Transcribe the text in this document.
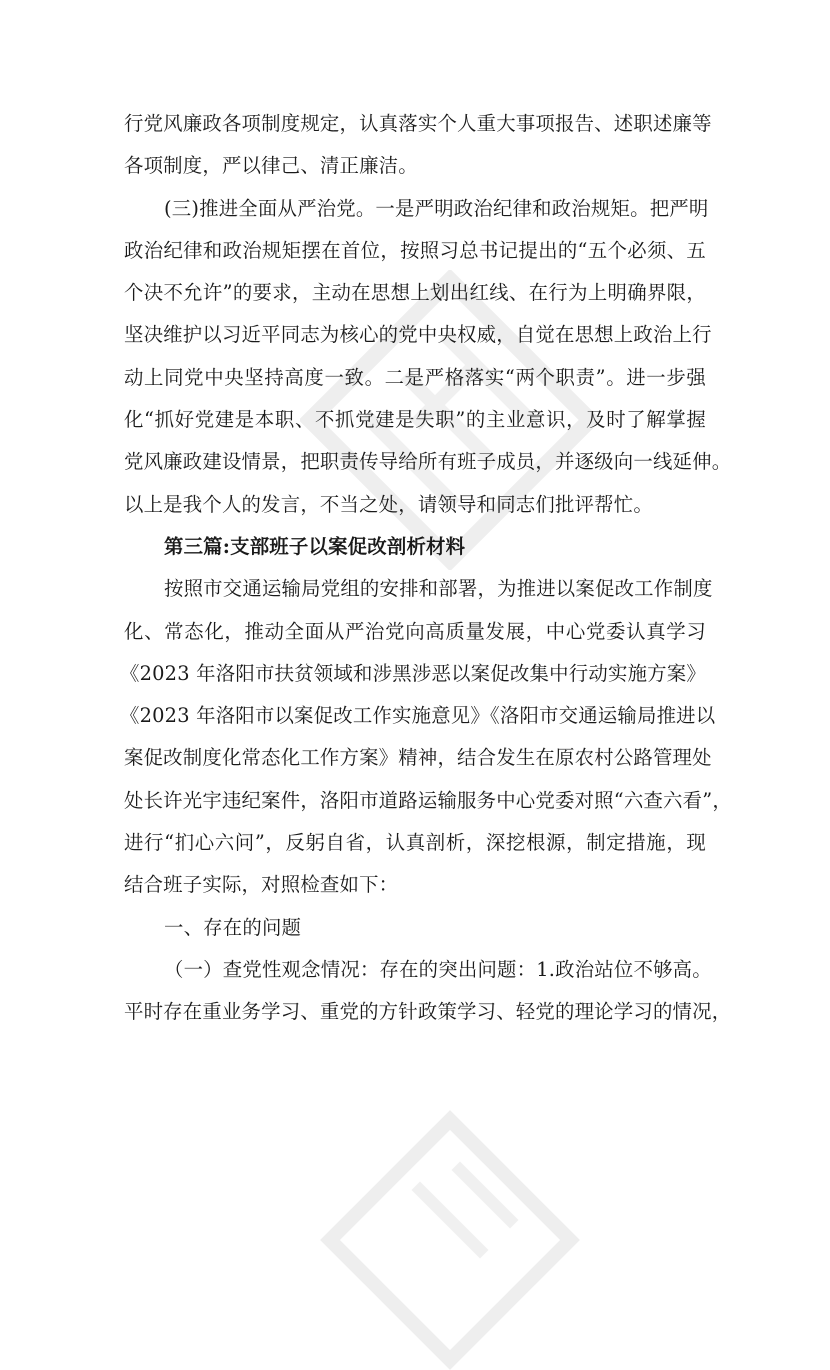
行党风廉政各项制度规定，认真落实个人重大事项报告、述职述廉等
各项制度，严以律己、清正廉洁。
(三)推进全面从严治党。一是严明政治纪律和政治规矩。把严明
政治纪律和政治规矩摆在首位，按照习总书记提出的“五个必须、五
个决不允许”的要求，主动在思想上划出红线、在行为上明确界限，
坚决维护以习近平同志为核心的党中央权威，自觉在思想上政治上行
动上同党中央坚持高度一致。二是严格落实“两个职责”。进一步强
化“抓好党建是本职、不抓党建是失职”的主业意识，及时了解掌握
党风廉政建设情景，把职责传导给所有班子成员，并逐级向一线延伸。
以上是我个人的发言，不当之处，请领导和同志们批评帮忙。
第三篇:支部班子以案促改剖析材料
按照市交通运输局党组的安排和部署，为推进以案促改工作制度
化、常态化，推动全面从严治党向高质量发展，中心党委认真学习
《2023 年洛阳市扶贫领域和涉黑涉恶以案促改集中行动实施方案》
《2023 年洛阳市以案促改工作实施意见》《洛阳市交通运输局推进以
案促改制度化常态化工作方案》精神，结合发生在原农村公路管理处
处长许光宇违纪案件，洛阳市道路运输服务中心党委对照“六查六看”，
进行“扪心六问”，反躬自省，认真剖析，深挖根源，制定措施，现
结合班子实际，对照检查如下：
一、存在的问题
（一）查党性观念情况：存在的突出问题：1.政治站位不够高。
平时存在重业务学习、重党的方针政策学习、轻党的理论学习的情况，
